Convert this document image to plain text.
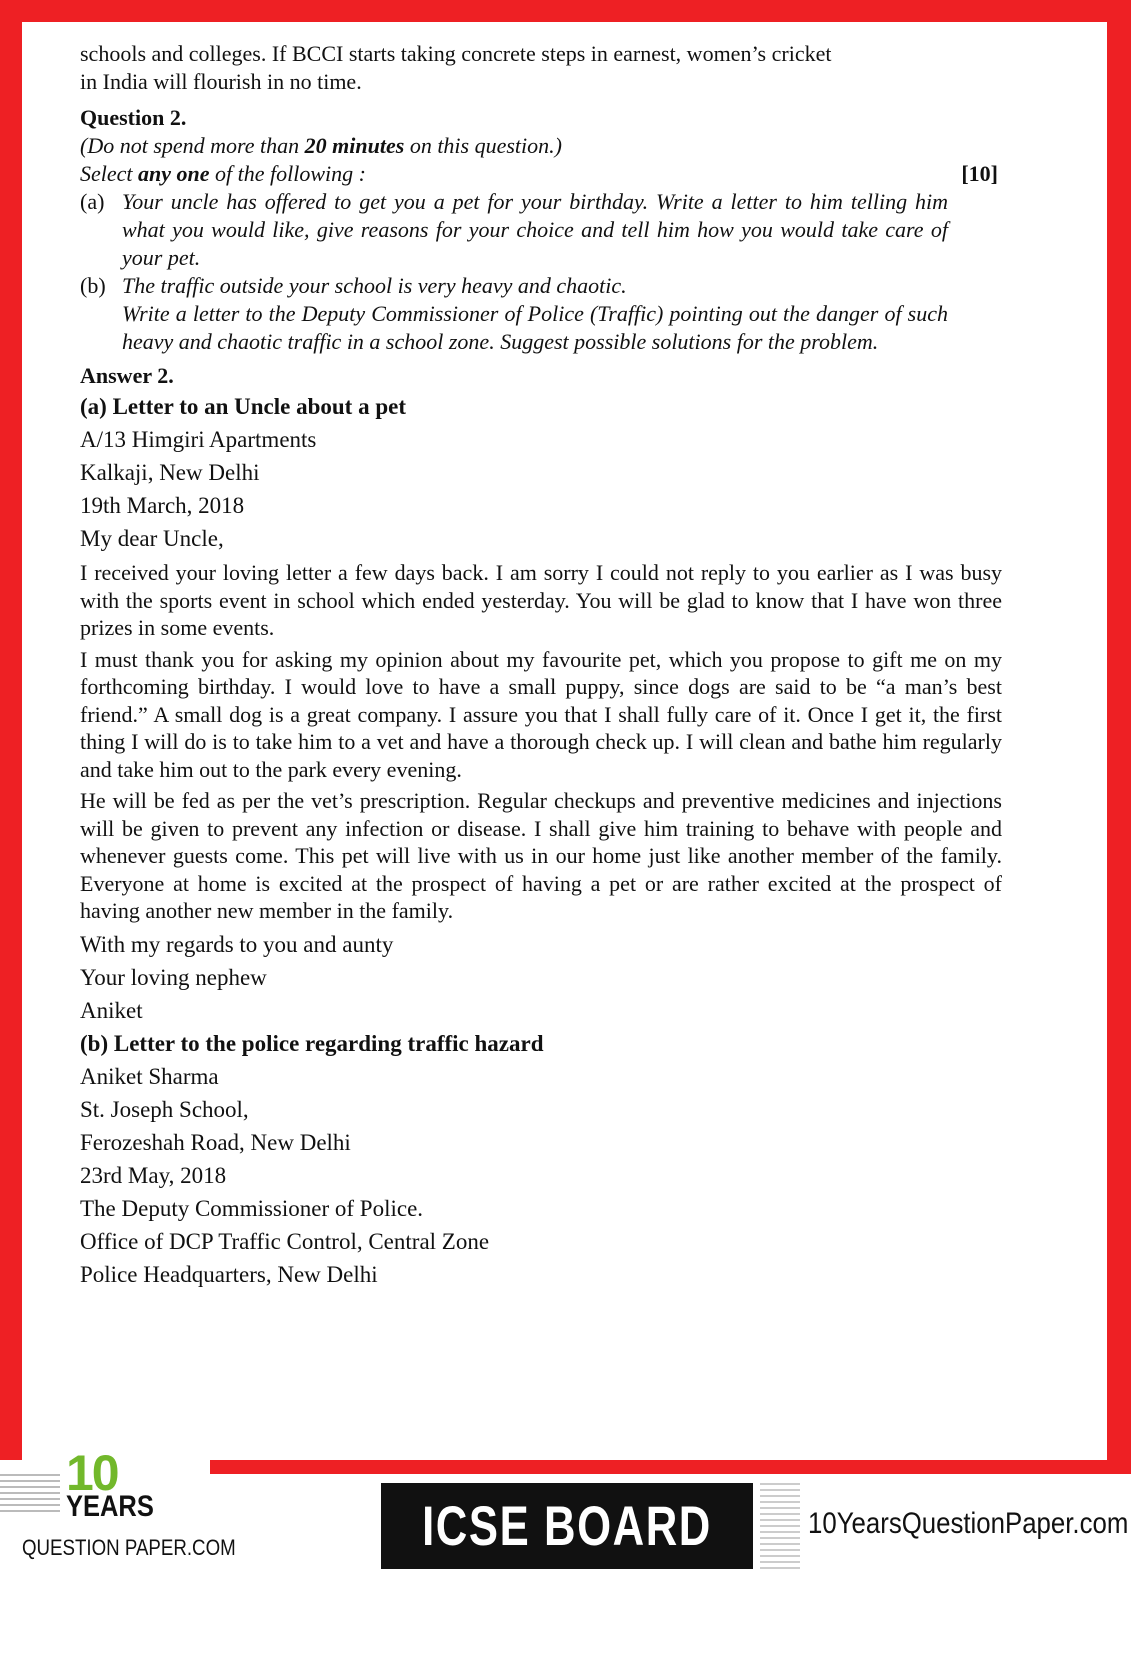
schools and colleges. If BCCI starts taking concrete steps in earnest, women’s cricket

in India will flourish in no time.

Question 2.

(Do not spend more than 20 minutes on this question.)

Select any one of the following :	[10]
(a) Your uncle has offered to get you a pet for your birthday. Write a letter to him telling him what you would like, give reasons for your choice and tell him how you would take care of your pet.
(b) The traffic outside your school is very heavy and chaotic.
Write a letter to the Deputy Commissioner of Police (Traffic) pointing out the danger of such heavy and chaotic traffic in a school zone. Suggest possible solutions for the problem.

Answer 2.

(a) Letter to an Uncle about a pet

A/13 Himgiri Apartments

Kalkaji, New Delhi

19th March, 2018

My dear Uncle,

I received your loving letter a few days back. I am sorry I could not reply to you earlier as I was busy with the sports event in school which ended yesterday. You will be glad to know that I have won three prizes in some events.

I must thank you for asking my opinion about my favourite pet, which you propose to gift me on my forthcoming birthday. I would love to have a small puppy, since dogs are said to be “a man’s best friend.” A small dog is a great company. I assure you that I shall fully care of it. Once I get it, the first thing I will do is to take him to a vet and have a thorough check up. I will clean and bathe him regularly and take him out to the park every evening.

He will be fed as per the vet’s prescription. Regular checkups and preventive medicines and injections will be given to prevent any infection or disease. I shall give him training to behave with people and whenever guests come. This pet will live with us in our home just like another member of the family. Everyone at home is excited at the prospect of having a pet or are rather excited at the prospect of having another new member in the family.

With my regards to you and aunty

Your loving nephew

Aniket

(b) Letter to the police regarding traffic hazard

Aniket Sharma

St. Joseph School,

Ferozeshah Road, New Delhi

23rd May, 2018

The Deputy Commissioner of Police.

Office of DCP Traffic Control, Central Zone

Police Headquarters, New Delhi

10
YEARS
QUESTION PAPER.COM	ICSE BOARD X
10YearsQuestionPaper.com
